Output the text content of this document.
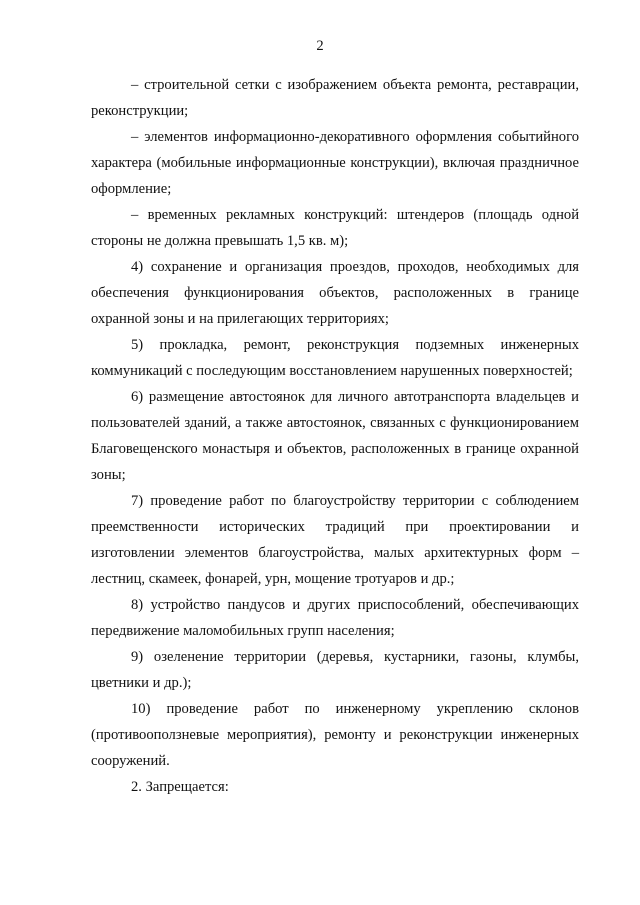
2

– строительной сетки с изображением объекта ремонта, реставрации, реконструкции;

– элементов информационно-декоративного оформления событийного характера (мобильные информационные конструкции), включая праздничное оформление;

– временных рекламных конструкций: штендеров (площадь одной стороны не должна превышать 1,5 кв. м);

4) сохранение и организация проездов, проходов, необходимых для обеспечения функционирования объектов, расположенных в границе охранной зоны и на прилегающих территориях;

5) прокладка, ремонт, реконструкция подземных инженерных коммуникаций с последующим восстановлением нарушенных поверхностей;

6) размещение автостоянок для личного автотранспорта владельцев и пользователей зданий, а также автостоянок, связанных с функционированием Благовещенского монастыря и объектов, расположенных в границе охранной зоны;

7) проведение работ по благоустройству территории с соблюдением преемственности исторических традиций при проектировании и изготовлении элементов благоустройства, малых архитектурных форм – лестниц, скамеек, фонарей, урн, мощение тротуаров и др.;

8) устройство пандусов и других приспособлений, обеспечивающих передвижение маломобильных групп населения;

9) озеленение территории (деревья, кустарники, газоны, клумбы, цветники и др.);

10) проведение работ по инженерному укреплению склонов (противооползневые мероприятия), ремонту и реконструкции инженерных сооружений.

2. Запрещается:
